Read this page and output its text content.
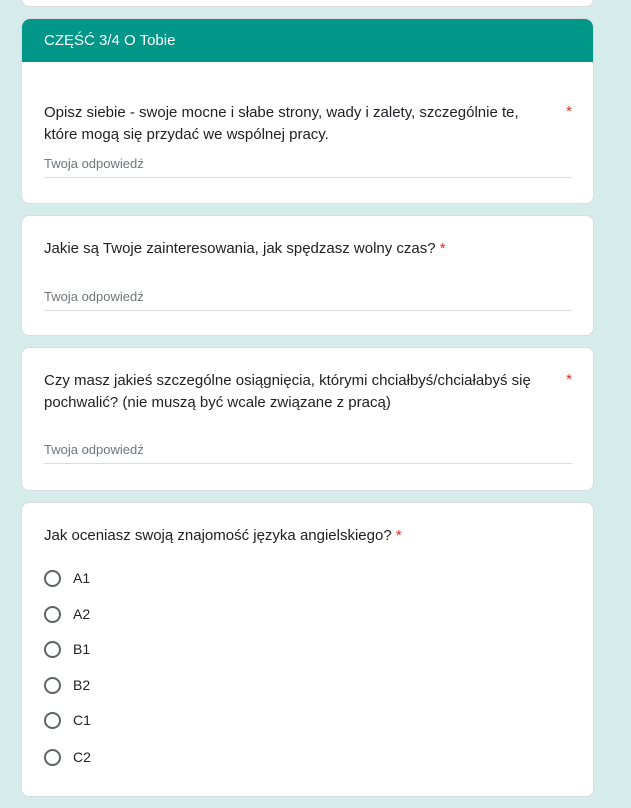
CZĘŚĆ 3/4 O Tobie
Opisz siebie - swoje mocne i słabe strony, wady i zalety, szczególnie te, które mogą się przydać we wspólnej pracy.
*
Twoja odpowiedź
Jakie są Twoje zainteresowania, jak spędzasz wolny czas? *
Twoja odpowiedź
Czy masz jakieś szczególne osiągnięcia, którymi chciałbyś/chciałabyś się pochwalić? (nie muszą być wcale związane z pracą)
*
Twoja odpowiedź
Jak oceniasz swoją znajomość języka angielskiego? *
A1
A2
B1
B2
C1
C2
